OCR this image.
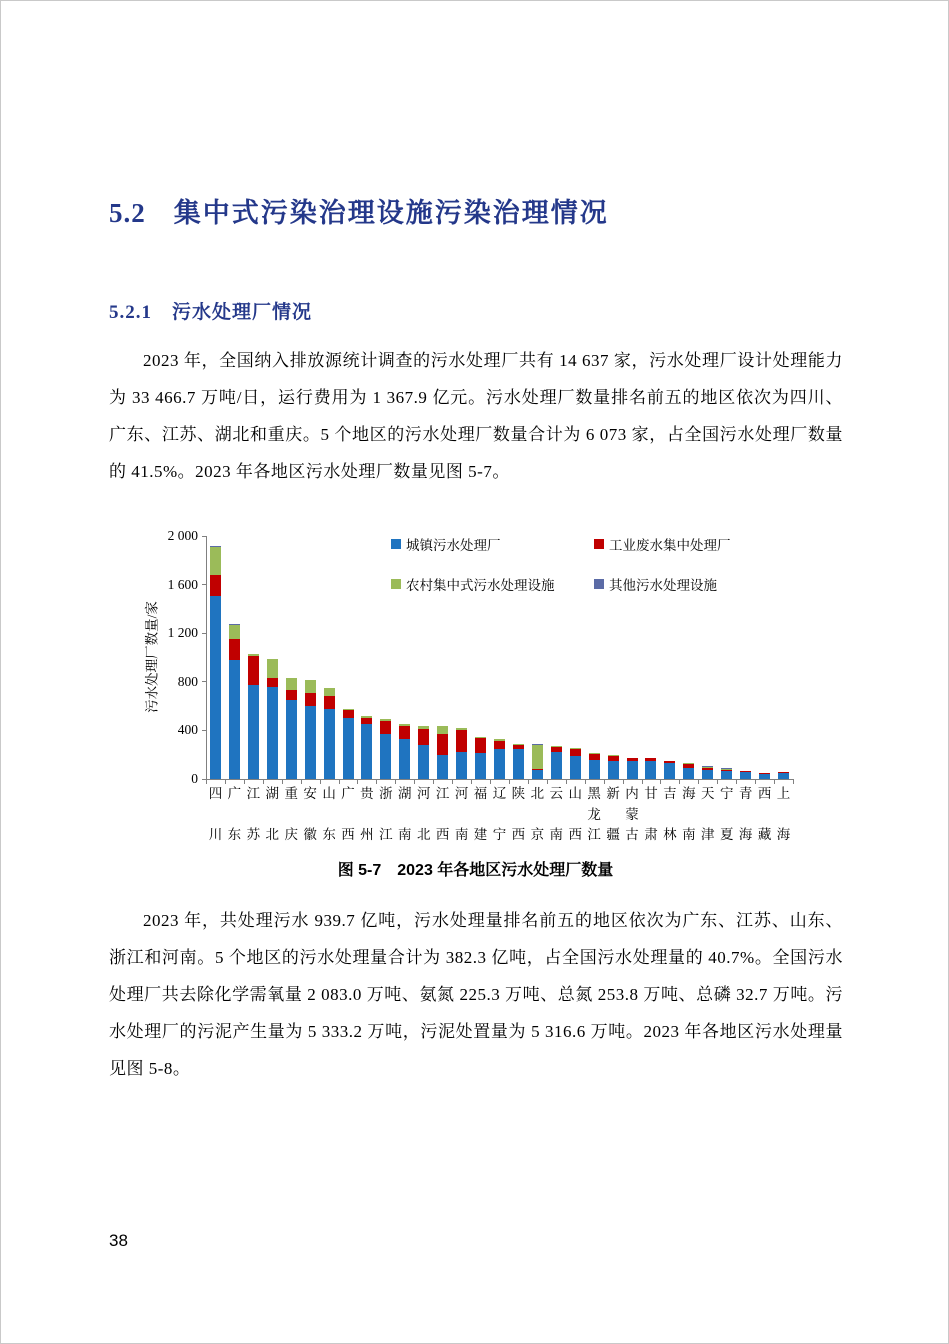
5.2 集中式污染治理设施污染治理情况
5.2.1 污水处理厂情况
2023 年，全国纳入排放源统计调查的污水处理厂共有 14 637 家，污水处理厂设计处理能力为 33 466.7 万吨/日，运行费用为 1 367.9 亿元。污水处理厂数量排名前五的地区依次为四川、广东、江苏、湖北和重庆。5 个地区的污水处理厂数量合计为 6 073 家，占全国污水处理厂数量的 41.5%。2023 年各地区污水处理厂数量见图 5-7。
污水处理厂数量/家
城镇污水处理厂	工业废水集中处理厂
农村集中式污水处理设施	其他污水处理设施
0
400
800
1 200
1 600
2 000
四
川
广
东
江
苏
湖
北
重
庆
安
徽
山
东
广
西
贵
州
浙
江
湖
南
河
北
江
西
河
南
福
建
辽
宁
陕
西
北
京
云
南
山
西
黑
龙
江
新
疆
内
蒙
古
甘
肃
吉
林
海
南
天
津
宁
夏
青
海
西
藏
上
海
图 5-7　2023 年各地区污水处理厂数量
2023 年，共处理污水 939.7 亿吨，污水处理量排名前五的地区依次为广东、江苏、山东、浙江和河南。5 个地区的污水处理量合计为 382.3 亿吨，占全国污水处理量的 40.7%。全国污水处理厂共去除化学需氧量 2 083.0 万吨、氨氮 225.3 万吨、总氮 253.8 万吨、总磷 32.7 万吨。污水处理厂的污泥产生量为 5 333.2 万吨，污泥处置量为 5 316.6 万吨。2023 年各地区污水处理量见图 5-8。
38
